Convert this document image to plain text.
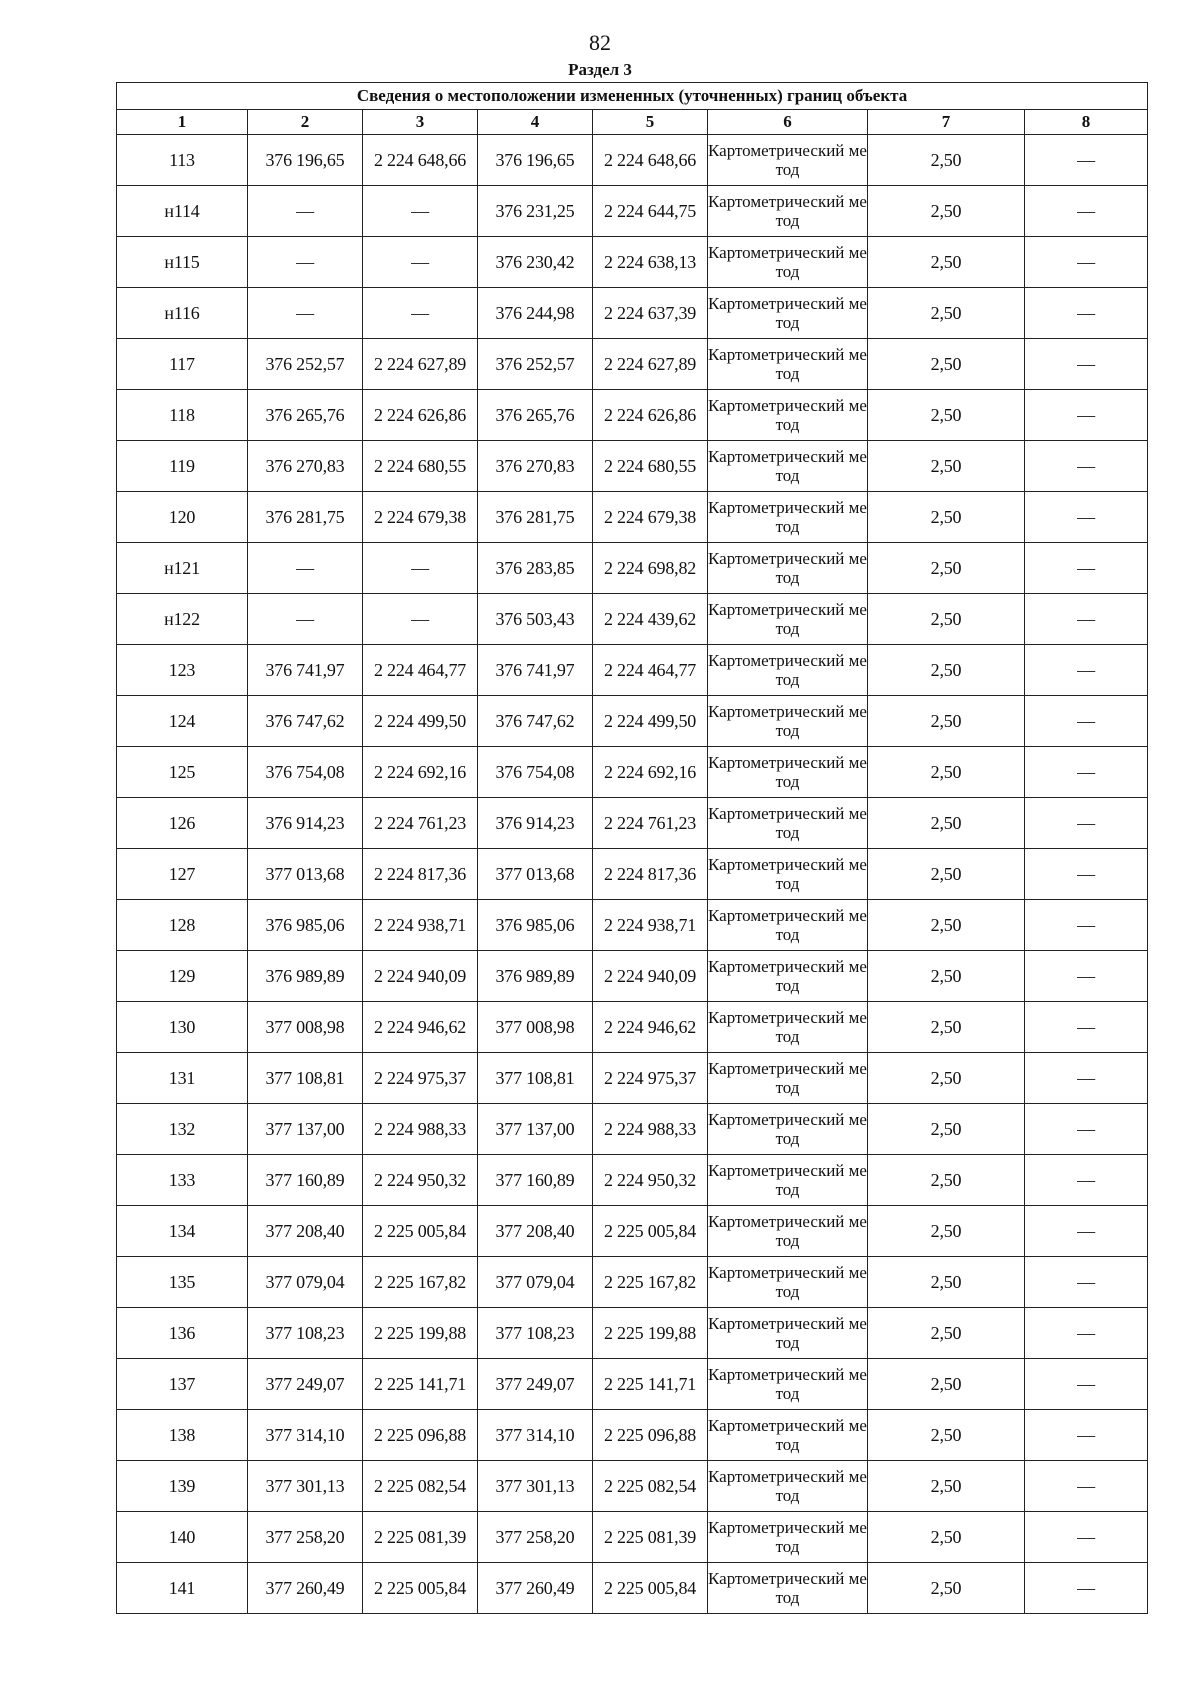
82
Раздел 3
Сведения о местоположении измененных (уточненных) границ объекта							
1	2	3	4	5	6	7	8
113	376 196,65	2 224 648,66	376 196,65	2 224 648,66	Картометрический метод	2,50	—
н114	—	—	376 231,25	2 224 644,75	Картометрический метод	2,50	—
н115	—	—	376 230,42	2 224 638,13	Картометрический метод	2,50	—
н116	—	—	376 244,98	2 224 637,39	Картометрический метод	2,50	—
117	376 252,57	2 224 627,89	376 252,57	2 224 627,89	Картометрический метод	2,50	—
118	376 265,76	2 224 626,86	376 265,76	2 224 626,86	Картометрический метод	2,50	—
119	376 270,83	2 224 680,55	376 270,83	2 224 680,55	Картометрический метод	2,50	—
120	376 281,75	2 224 679,38	376 281,75	2 224 679,38	Картометрический метод	2,50	—
н121	—	—	376 283,85	2 224 698,82	Картометрический метод	2,50	—
н122	—	—	376 503,43	2 224 439,62	Картометрический метод	2,50	—
123	376 741,97	2 224 464,77	376 741,97	2 224 464,77	Картометрический метод	2,50	—
124	376 747,62	2 224 499,50	376 747,62	2 224 499,50	Картометрический метод	2,50	—
125	376 754,08	2 224 692,16	376 754,08	2 224 692,16	Картометрический метод	2,50	—
126	376 914,23	2 224 761,23	376 914,23	2 224 761,23	Картометрический метод	2,50	—
127	377 013,68	2 224 817,36	377 013,68	2 224 817,36	Картометрический метод	2,50	—
128	376 985,06	2 224 938,71	376 985,06	2 224 938,71	Картометрический метод	2,50	—
129	376 989,89	2 224 940,09	376 989,89	2 224 940,09	Картометрический метод	2,50	—
130	377 008,98	2 224 946,62	377 008,98	2 224 946,62	Картометрический метод	2,50	—
131	377 108,81	2 224 975,37	377 108,81	2 224 975,37	Картометрический метод	2,50	—
132	377 137,00	2 224 988,33	377 137,00	2 224 988,33	Картометрический метод	2,50	—
133	377 160,89	2 224 950,32	377 160,89	2 224 950,32	Картометрический метод	2,50	—
134	377 208,40	2 225 005,84	377 208,40	2 225 005,84	Картометрический метод	2,50	—
135	377 079,04	2 225 167,82	377 079,04	2 225 167,82	Картометрический метод	2,50	—
136	377 108,23	2 225 199,88	377 108,23	2 225 199,88	Картометрический метод	2,50	—
137	377 249,07	2 225 141,71	377 249,07	2 225 141,71	Картометрический метод	2,50	—
138	377 314,10	2 225 096,88	377 314,10	2 225 096,88	Картометрический метод	2,50	—
139	377 301,13	2 225 082,54	377 301,13	2 225 082,54	Картометрический метод	2,50	—
140	377 258,20	2 225 081,39	377 258,20	2 225 081,39	Картометрический метод	2,50	—
141	377 260,49	2 225 005,84	377 260,49	2 225 005,84	Картометрический метод	2,50	—
